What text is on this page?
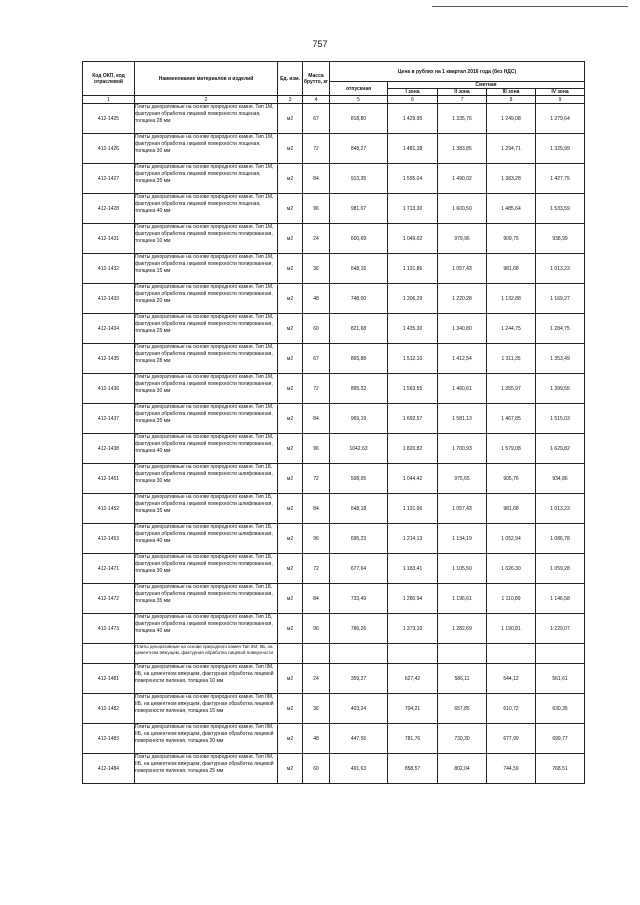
757
Код ОКП, код отраслевой	Наименование материалов и изделий	Ед. изм.	Масса брутто, кг	Цена в рублях на 1 квартал 2016 года (без НДС)				
				отпускная	Сметная			
					I зона	II зона	III зона	IV зона
1	2	3	4	5	6	7	8	9
412-1425	Плиты декоративные на основе природного камня. Тип 1М, фактурная обработка лицевой поверхности лощеная, толщина 28 мм	м2	67	818,80	1 429,95	1 335,76	1 249,08	1 279,64
412-1426	Плиты декоративные на основе природного камня. Тип 1М, фактурная обработка лицевой поверхности лощеная, толщина 30 мм	м2	72	848,27	1 481,38	1 383,85	1 294,71	1 325,99
412-1427	Плиты декоративные на основе природного камня. Тип 1М, фактурная обработка лицевой поверхности лощеная, толщина 35 мм	м2	84	913,35	1 595,04	1 490,02	1 383,28	1 427,75
412-1428	Плиты декоративные на основе природного камня. Тип 1М, фактурная обработка лицевой поверхности лощеная, толщина 40 мм	м2	96	981,07	1 713,30	1 600,50	1 485,64	1 533,59
412-1431	Плиты декоративные на основе природного камня. Тип 1М, фактурная обработка лицевой поверхности полированная, толщина 10 мм	м2	24	600,69	1 049,02	979,96	909,75	938,99
412-1432	Плиты декоративные на основе природного камня. Тип 1М, фактурная обработка лицевой поверхности полированная, толщина 15 мм	м2	36	648,16	1 131,86	1 057,43	981,68	1 013,23
412-1433	Плиты декоративные на основе природного камня. Тип 1М, фактурная обработка лицевой поверхности полированная, толщина 20 мм	м2	48	748,00	1 306,29	1 220,28	1 132,88	1 169,27
412-1434	Плиты декоративные на основе природного камня. Тип 1М, фактурная обработка лицевой поверхности полированная, толщина 25 мм	м2	60	821,68	1 435,30	1 340,80	1 244,75	1 284,75
412-1435	Плиты декоративные на основе природного камня. Тип 1М, фактурная обработка лицевой поверхности полированная, толщина 28 мм	м2	67	865,88	1 512,10	1 412,54	1 311,35	1 353,49
412-1436	Плиты декоративные на основе природного камня. Тип 1М, фактурная обработка лицевой поверхности полированная, толщина 30 мм	м2	72	895,32	1 563,55	1 460,61	1 355,97	1 399,55
412-1437	Плиты декоративные на основе природного камня. Тип 1М, фактурная обработка лицевой поверхности полированная, толщина 35 мм	м2	84	969,19	1 692,57	1 581,13	1 467,85	1 515,03
412-1438	Плиты декоративные на основе природного камня. Тип 1М, фактурная обработка лицевой поверхности полированная, толщина 40 мм	м2	96	1042,63	1 820,82	1 700,93	1 579,08	1 629,82
412-1451	Плиты декоративные на основе природного камня. Тип 1Б, фактурная обработка лицевой поверхности шлифованная, толщина 30 мм	м2	72	598,05	1 044,42	975,65	905,76	934,86
412-1452	Плиты декоративные на основе природного камня. Тип 1Б, фактурная обработка лицевой поверхности шлифованная, толщина 35 мм	м2	84	648,18	1 131,96	1 057,43	981,68	1 013,23
412-1453	Плиты декоративные на основе природного камня. Тип 1Б, фактурная обработка лицевой поверхности шлифованная, толщина 40 мм	м2	96	695,23	1 214,13	1 134,19	1 052,94	1 086,78
412-1471	Плиты декоративные на основе природного камня. Тип 1Б, фактурная обработка лицевой поверхности полированная, толщина 30 мм	м2	72	677,64	1 183,41	1 105,50	1 026,30	1 059,28
412-1472	Плиты декоративные на основе природного камня. Тип 1Б, фактурная обработка лицевой поверхности полированная, толщина 35 мм	м2	84	733,49	1 280,94	1 196,61	1 110,89	1 146,58
412-1473	Плиты декоративные на основе природного камня. Тип 1Б, фактурная обработка лицевой поверхности полированная, толщина 40 мм	м2	96	786,26	1 373,10	1 282,69	1 190,81	1 229,07

	Плиты декоративные на основе природного камня Тип IIМ, IIБ, на цементном вяжущем, фактурная обработка лицевой поверхности							

412-1481	Плиты декоративные на основе природного камня. Тип IIМ, IIБ, на цементном вяжущем, фактурная обработка лицевой поверхности пиленая, толщина 10 мм	м2	24	359,27	627,42	586,11	544,12	561,61
412-1482	Плиты декоративные на основе природного камня. Тип IIМ, IIБ, на цементном вяжущем, фактурная обработка лицевой поверхности пиленая, толщина 15 мм	м2	36	403,24	704,21	657,85	610,72	630,35
412-1483	Плиты декоративные на основе природного камня. Тип IIМ, IIБ, на цементном вяжущем, фактурная обработка лицевой поверхности пиленая, толщина 20 мм	м2	48	447,56	781,76	730,30	677,99	699,77
412-1484	Плиты декоративные на основе природного камня. Тип IIМ, IIБ, на цементном вяжущем, фактурная обработка лицевой поверхности пиленая, толщина 25 мм	м2	60	491,63	858,57	802,04	744,59	768,51
